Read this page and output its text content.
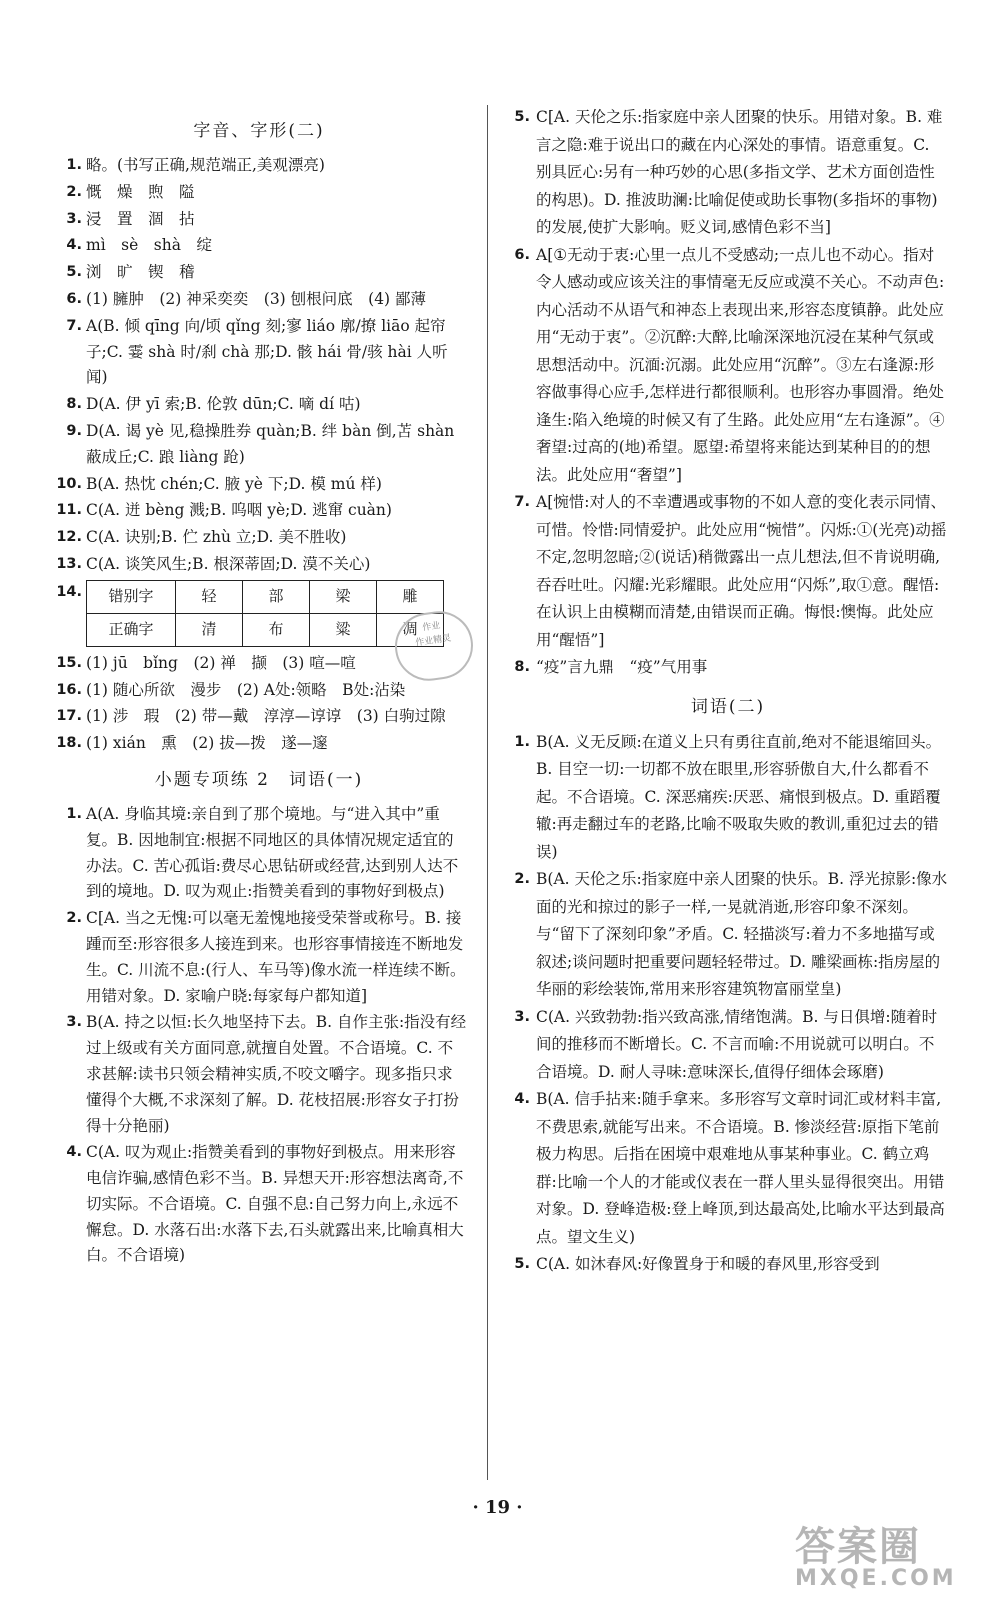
字音、字形(二)
1. 略。(书写正确,规范端正,美观漂亮)
2. 慨　燥　煦　隘
3. 浸　置　涸　拈
4. mì　sè　shà　绽
5. 浏　旷　锲　稽
6. (1) 臃肿　(2) 神采奕奕　(3) 刨根问底　(4) 鄙薄
7. A(B. 倾 qīng 向/顷 qǐng 刻;寥 liáo 廓/撩 liāo 起帘子;C. 霎 shà 时/刹 chà 那;D. 骸 hái 骨/骇 hài 人听闻)
8. D(A. 伊 yī 索;B. 伦敦 dūn;C. 嘀 dí 咕)
9. D(A. 谒 yè 见,稳操胜券 quàn;B. 绊 bàn 倒,苫 shàn 蔽成丘;C. 踉 liàng 跄)
10. B(A. 热忱 chén;C. 腋 yè 下;D. 模 mú 样)
11. C(A. 迸 bèng 溅;B. 呜咽 yè;D. 逃窜 cuàn)
12. C(A. 诀别;B. 伫 zhù 立;D. 美不胜收)
13. C(A. 谈笑风生;B. 根深蒂固;D. 漠不关心)
14. 错别字	轻	部	梁	雕
正确字	清	布	粱	凋
15. (1) jū　bǐng　(2) 禅　撷　(3) 喧—喧
16. (1) 随心所欲　漫步　(2) A处:领略　B处:沾染
17. (1) 涉　瑕　(2) 带—戴　淳淳—谆谆　(3) 白驹过隙
18. (1) xián　熏　(2) 拔—拨　遂—邃
小题专项练 2　词语(一)
1. A(A. 身临其境:亲自到了那个境地。与“进入其中”重复。B. 因地制宜:根据不同地区的具体情况规定适宜的办法。C. 苦心孤诣:费尽心思钻研或经营,达到别人达不到的境地。D. 叹为观止:指赞美看到的事物好到极点)
2. C[A. 当之无愧:可以毫无羞愧地接受荣誉或称号。B. 接踵而至:形容很多人接连到来。也形容事情接连不断地发生。C. 川流不息:(行人、车马等)像水流一样连续不断。用错对象。D. 家喻户晓:每家每户都知道]
3. B(A. 持之以恒:长久地坚持下去。B. 自作主张:指没有经过上级或有关方面同意,就擅自处置。不合语境。C. 不求甚解:读书只领会精神实质,不咬文嚼字。现多指只求懂得个大概,不求深刻了解。D. 花枝招展:形容女子打扮得十分艳丽)
4. C(A. 叹为观止:指赞美看到的事物好到极点。用来形容电信诈骗,感情色彩不当。B. 异想天开:形容想法离奇,不切实际。不合语境。C. 自强不息:自己努力向上,永远不懈怠。D. 水落石出:水落下去,石头就露出来,比喻真相大白。不合语境)
作业
作业精灵
5. C[A. 天伦之乐:指家庭中亲人团聚的快乐。用错对象。B. 难言之隐:难于说出口的藏在内心深处的事情。语意重复。C. 别具匠心:另有一种巧妙的心思(多指文学、艺术方面创造性的构思)。D. 推波助澜:比喻促使或助长事物(多指坏的事物)的发展,使扩大影响。贬义词,感情色彩不当]
6. A[①无动于衷:心里一点儿不受感动;一点儿也不动心。指对令人感动或应该关注的事情毫无反应或漠不关心。不动声色:内心活动不从语气和神态上表现出来,形容态度镇静。此处应用“无动于衷”。②沉醉:大醉,比喻深深地沉浸在某种气氛或思想活动中。沉湎:沉溺。此处应用“沉醉”。③左右逢源:形容做事得心应手,怎样进行都很顺利。也形容办事圆滑。绝处逢生:陷入绝境的时候又有了生路。此处应用“左右逢源”。④奢望:过高的(地)希望。愿望:希望将来能达到某种目的的想法。此处应用“奢望”]
7. A[惋惜:对人的不幸遭遇或事物的不如人意的变化表示同情、可惜。怜惜:同情爱护。此处应用“惋惜”。闪烁:①(光亮)动摇不定,忽明忽暗;②(说话)稍微露出一点儿想法,但不肯说明确,吞吞吐吐。闪耀:光彩耀眼。此处应用“闪烁”,取①意。醒悟:在认识上由模糊而清楚,由错误而正确。悔恨:懊悔。此处应用“醒悟”]
8. “疫”言九鼎　“疫”气用事
词语(二)
1. B(A. 义无反顾:在道义上只有勇往直前,绝对不能退缩回头。B. 目空一切:一切都不放在眼里,形容骄傲自大,什么都看不起。不合语境。C. 深恶痛疾:厌恶、痛恨到极点。D. 重蹈覆辙:再走翻过车的老路,比喻不吸取失败的教训,重犯过去的错误)
2. B(A. 天伦之乐:指家庭中亲人团聚的快乐。B. 浮光掠影:像水面的光和掠过的影子一样,一晃就消逝,形容印象不深刻。与“留下了深刻印象”矛盾。C. 轻描淡写:着力不多地描写或叙述;谈问题时把重要问题轻轻带过。D. 雕梁画栋:指房屋的华丽的彩绘装饰,常用来形容建筑物富丽堂皇)
3. C(A. 兴致勃勃:指兴致高涨,情绪饱满。B. 与日俱增:随着时间的推移而不断增长。C. 不言而喻:不用说就可以明白。不合语境。D. 耐人寻味:意味深长,值得仔细体会琢磨)
4. B(A. 信手拈来:随手拿来。多形容写文章时词汇或材料丰富,不费思索,就能写出来。不合语境。B. 惨淡经营:原指下笔前极力构思。后指在困境中艰难地从事某种事业。C. 鹤立鸡群:比喻一个人的才能或仪表在一群人里头显得很突出。用错对象。D. 登峰造极:登上峰顶,到达最高处,比喻水平达到最高点。望文生义)
5. C(A. 如沐春风:好像置身于和暖的春风里,形容受到
· 19 ·
答案圈
MXQE.COM
